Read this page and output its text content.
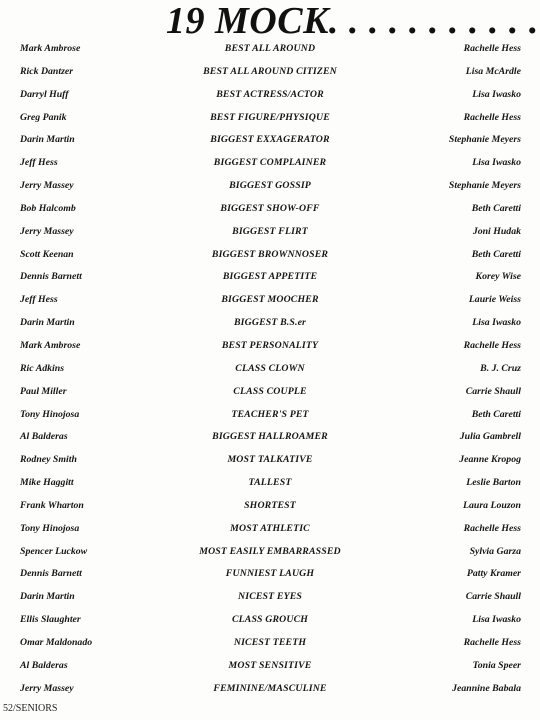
19 MOCK. . . . . . . . . . .
Mark Ambrose	BEST ALL AROUND	Rachelle Hess
Rick Dantzer	BEST ALL AROUND CITIZEN	Lisa McArdle
Darryl Huff	BEST ACTRESS/ACTOR	Lisa Iwasko
Greg Panik	BEST FIGURE/PHYSIQUE	Rachelle Hess
Darin Martin	BIGGEST EXXAGERATOR	Stephanie Meyers
Jeff Hess	BIGGEST COMPLAINER	Lisa Iwasko
Jerry Massey	BIGGEST GOSSIP	Stephanie Meyers
Bob Halcomb	BIGGEST SHOW-OFF	Beth Caretti
Jerry Massey	BIGGEST FLIRT	Joni Hudak
Scott Keenan	BIGGEST BROWNNOSER	Beth Caretti
Dennis Barnett	BIGGEST APPETITE	Korey Wise
Jeff Hess	BIGGEST MOOCHER	Laurie Weiss
Darin Martin	BIGGEST B.S.er	Lisa Iwasko
Mark Ambrose	BEST PERSONALITY	Rachelle Hess
Ric Adkins	CLASS CLOWN	B. J. Cruz
Paul Miller	CLASS COUPLE	Carrie Shaull
Tony Hinojosa	TEACHER'S PET	Beth Caretti
Al Balderas	BIGGEST HALLROAMER	Julia Gambrell
Rodney Smith	MOST TALKATIVE	Jeanne Kropog
Mike Haggitt	TALLEST	Leslie Barton
Frank Wharton	SHORTEST	Laura Louzon
Tony Hinojosa	MOST ATHLETIC	Rachelle Hess
Spencer Luckow	MOST EASILY EMBARRASSED	Sylvia Garza
Dennis Barnett	FUNNIEST LAUGH	Patty Kramer
Darin Martin	NICEST EYES	Carrie Shaull
Ellis Slaughter	CLASS GROUCH	Lisa Iwasko
Omar Maldonado	NICEST TEETH	Rachelle Hess
Al Balderas	MOST SENSITIVE	Tonia Speer
Jerry Massey	FEMININE/MASCULINE	Jeannine Babala
52/SENIORS
